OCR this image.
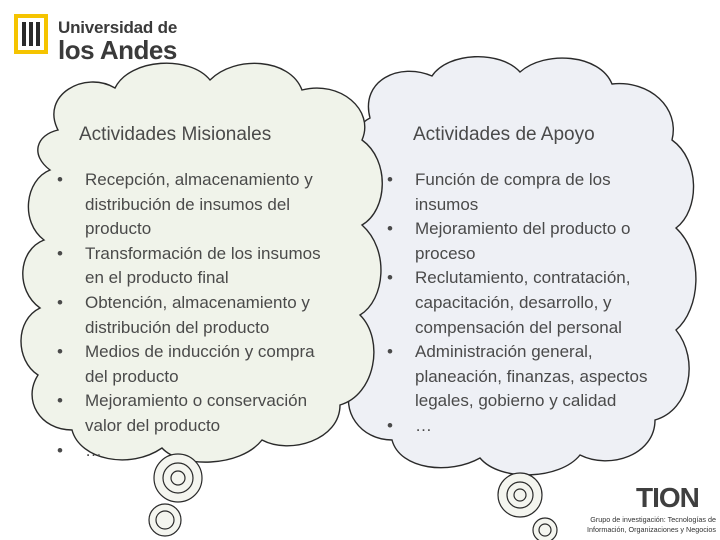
Universidad de
los Andes
Actividades Misionales	Actividades de Apoyo
• Recepción, almacenamiento y
distribución de insumos del
producto
• Transformación de los insumos
en el producto final
• Obtención, almacenamiento y
distribución del producto
• Medios de inducción y compra
del producto
• Mejoramiento o conservación
valor del producto
• …
• Función de compra de los
insumos
• Mejoramiento del producto o
proceso
• Reclutamiento, contratación,
capacitación, desarrollo, y
compensación del personal
• Administración general,
planeación, finanzas, aspectos
legales, gobierno y calidad
• …
TION
Grupo de investigación: Tecnologías de
Información, Organizaciones y Negocios
